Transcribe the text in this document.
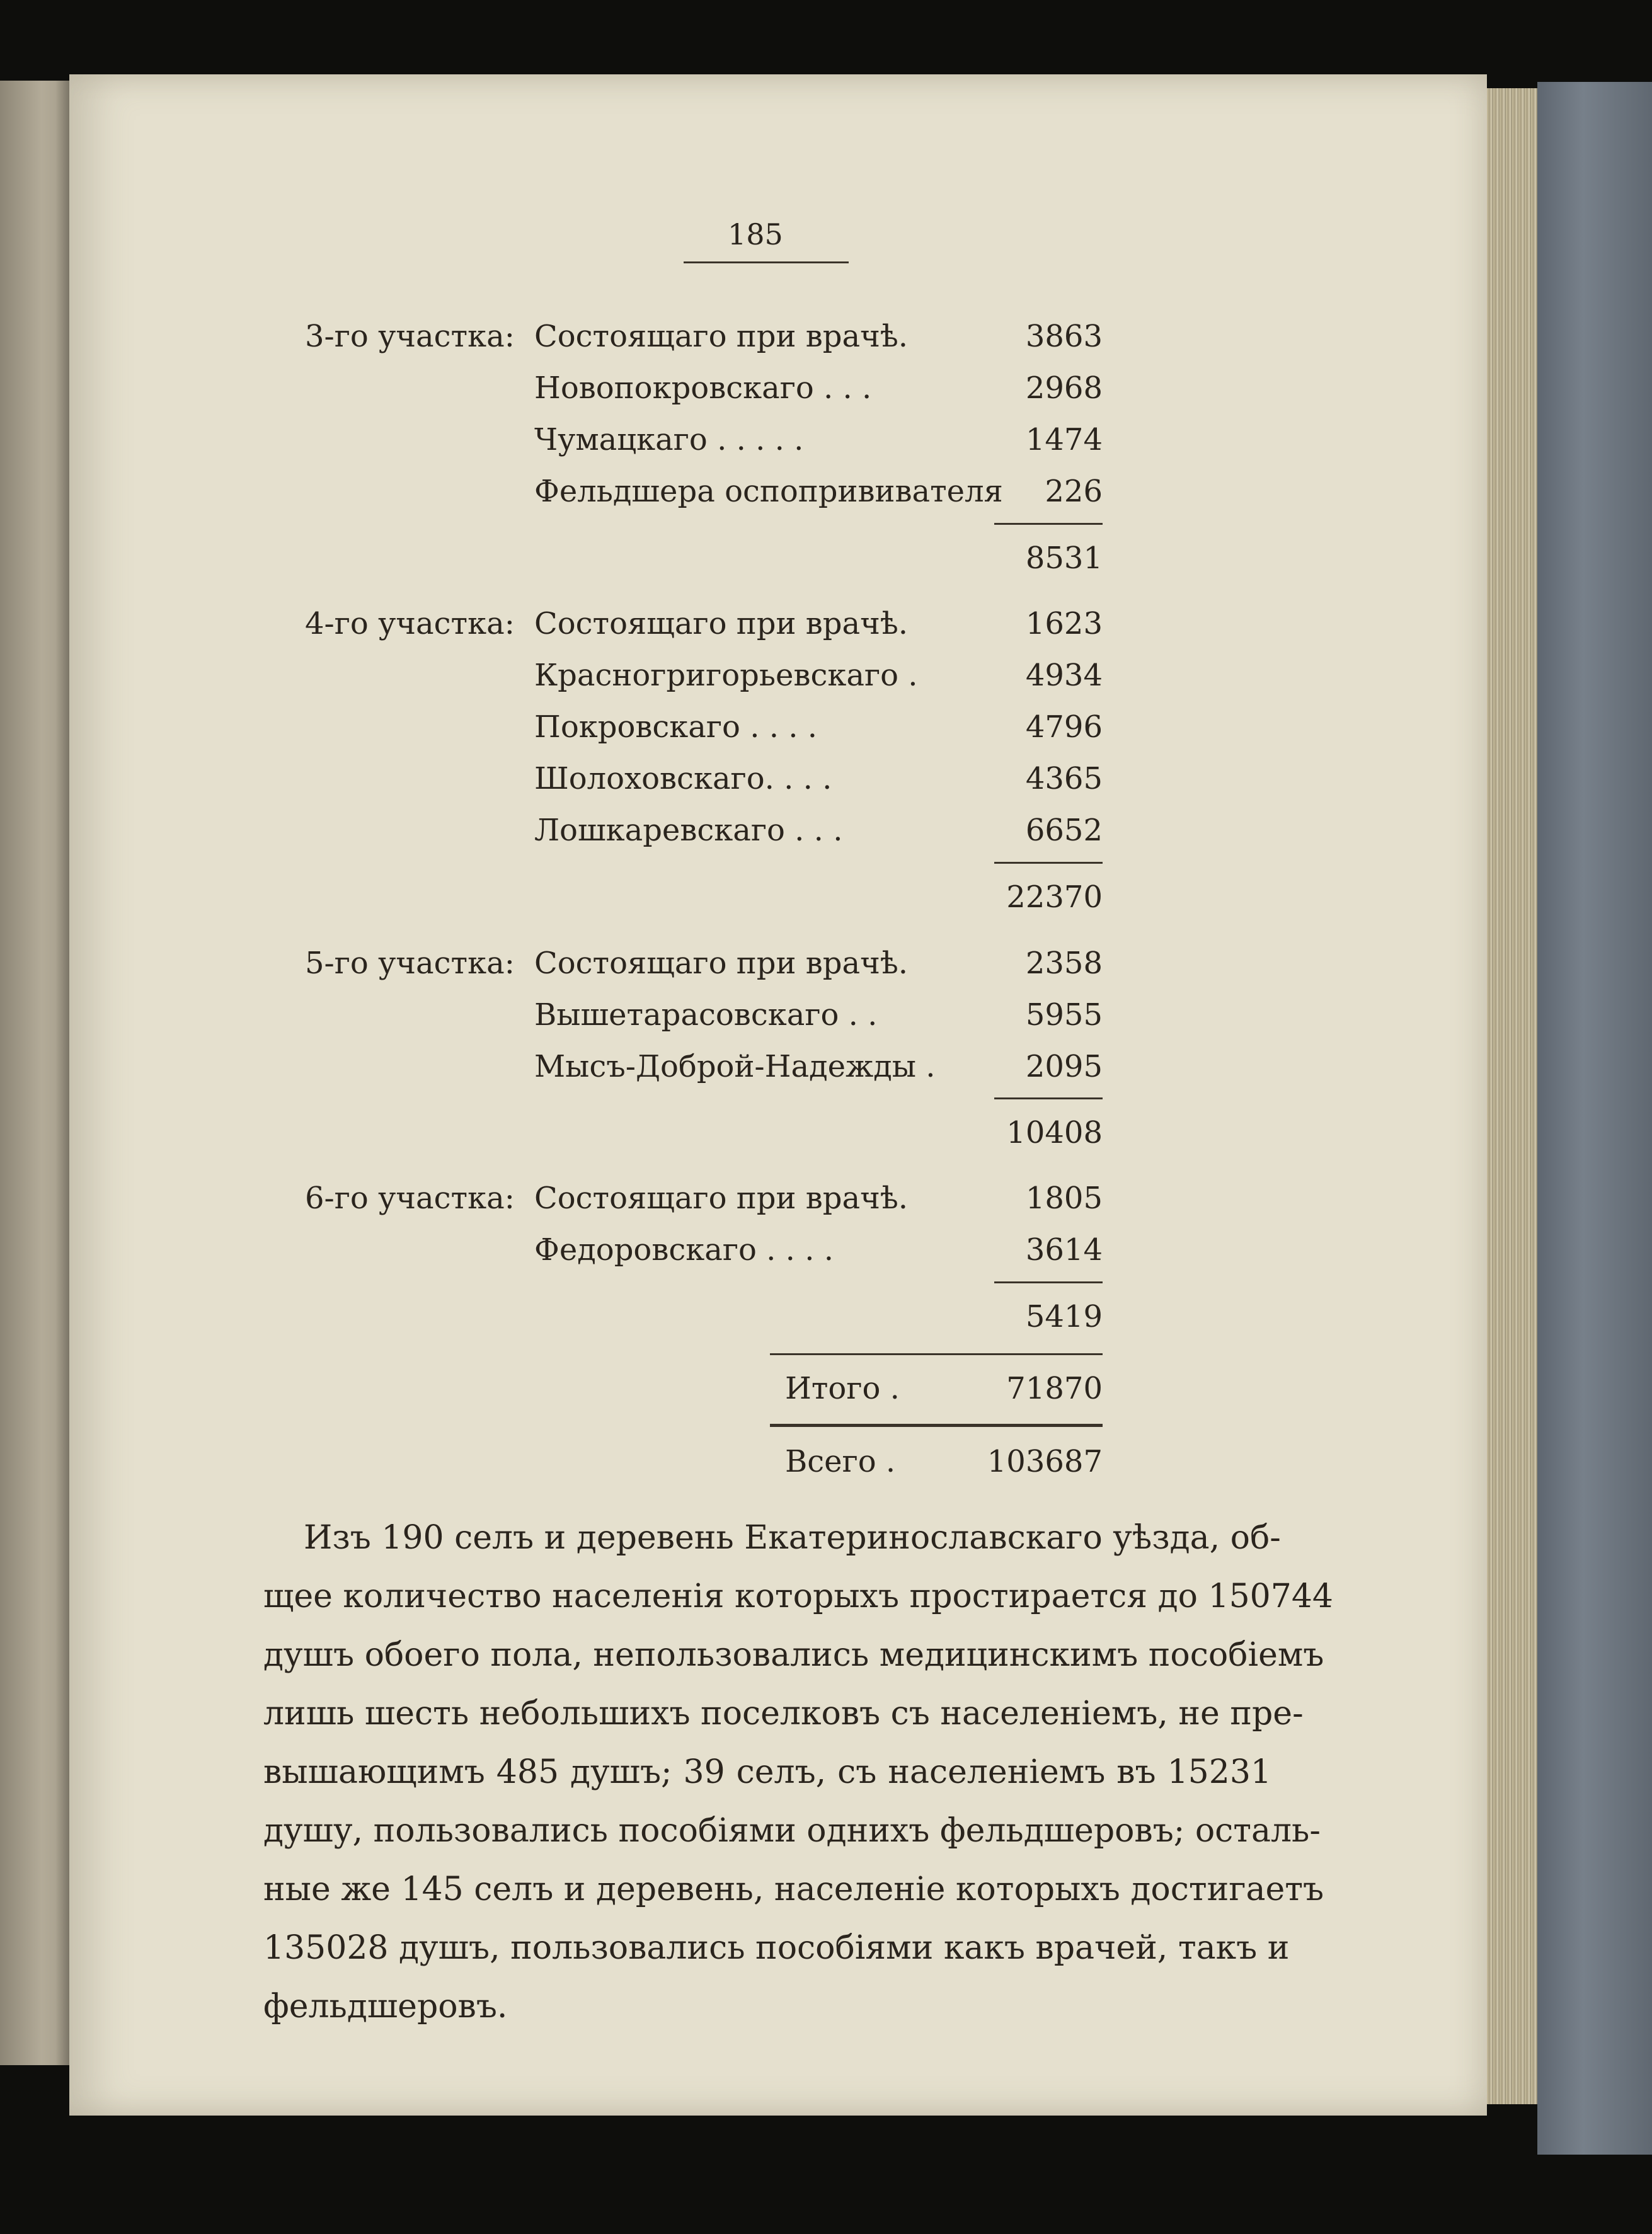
185
3-го участка: Состоящаго при врачѣ.	3863
Новопокровскаго . . .	2968
Чумацкаго . . . . .	1474
Фельдшера оспопрививателя 226
8531
4-го участка: Состоящаго при врачѣ.	1623
Красногригорьевскаго .	4934
Покровскаго . . . .	4796
Шолоховскаго. . . .	4365
Лошкаревскаго . . .	6652
22370
5-го участка: Состоящаго при врачѣ.	2358
Вышетарасовскаго . .	5955
Мысъ-Доброй-Надежды .	2095
10408
6-го участка: Состоящаго при врачѣ.	1805
Федоровскаго . . . .	3614
5419
Итого .	71870
Всего .	103687
Изъ 190 селъ и деревень Екатеринославскаго уѣзда, об-
щее количество населенія которыхъ простирается до 150744
душъ обоего пола, непользовались медицинскимъ пособіемъ
лишь шесть небольшихъ поселковъ съ населеніемъ, не пре-
вышающимъ 485 душъ; 39 селъ, съ населеніемъ въ 15231
душу, пользовались пособіями однихъ фельдшеровъ; осталь-
ные же 145 селъ и деревень, населеніе которыхъ достигаетъ
135028 душъ, пользовались пособіями какъ врачей, такъ и
фельдшеровъ.
